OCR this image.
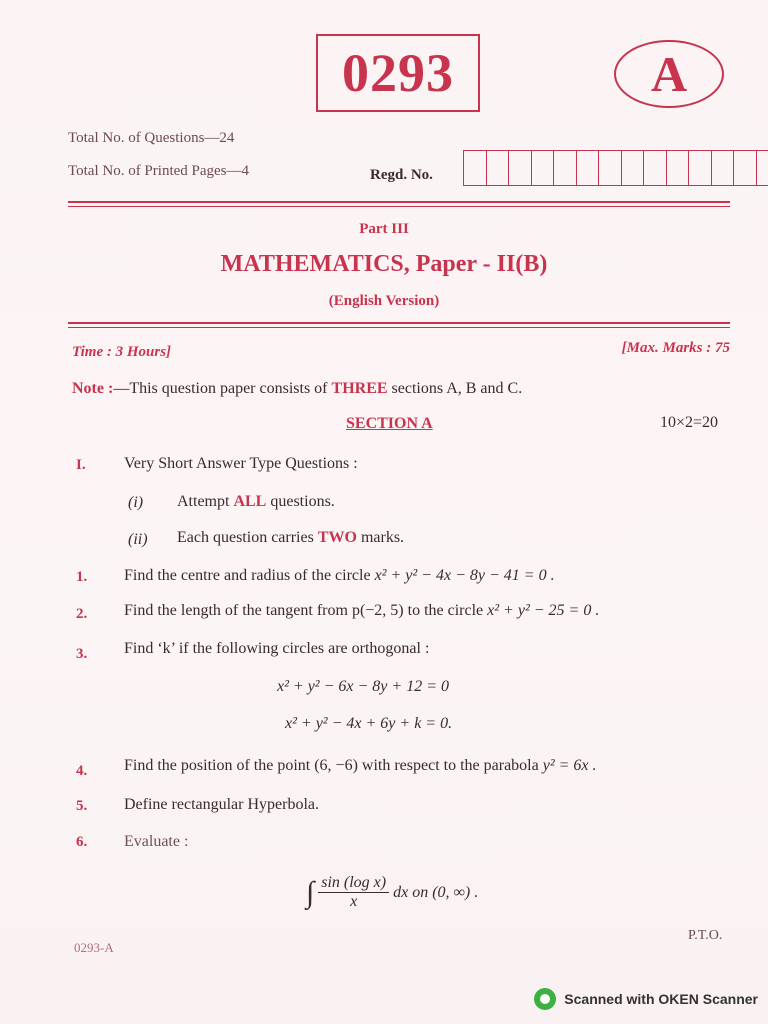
0293	A
Total No. of Questions—24
Total No. of Printed Pages—4	Regd. No.
Part III
MATHEMATICS, Paper - II(B)
(English Version)
Time : 3 Hours]	[Max. Marks : 75
Note :—This question paper consists of THREE sections A, B and C.
SECTION A	10×2=20
I. Very Short Answer Type Questions :
(i) Attempt ALL questions.
(ii) Each question carries TWO marks.
1. Find the centre and radius of the circle x² + y² − 4x − 8y − 41 = 0 .
2. Find the length of the tangent from p(−2, 5) to the circle x² + y² − 25 = 0 .
3. Find ‘k’ if the following circles are orthogonal :
x² + y² − 6x − 8y + 12 = 0
x² + y² − 4x + 6y + k = 0.
4. Find the position of the point (6, −6) with respect to the parabola y² = 6x .
5. Define rectangular Hyperbola.
6. Evaluate :
∫ $\frac{\text{sin (log x)}}{x}$ dx on (0, ∞) .
0293-A
P.T.O.
Scanned with OKEN Scanner
